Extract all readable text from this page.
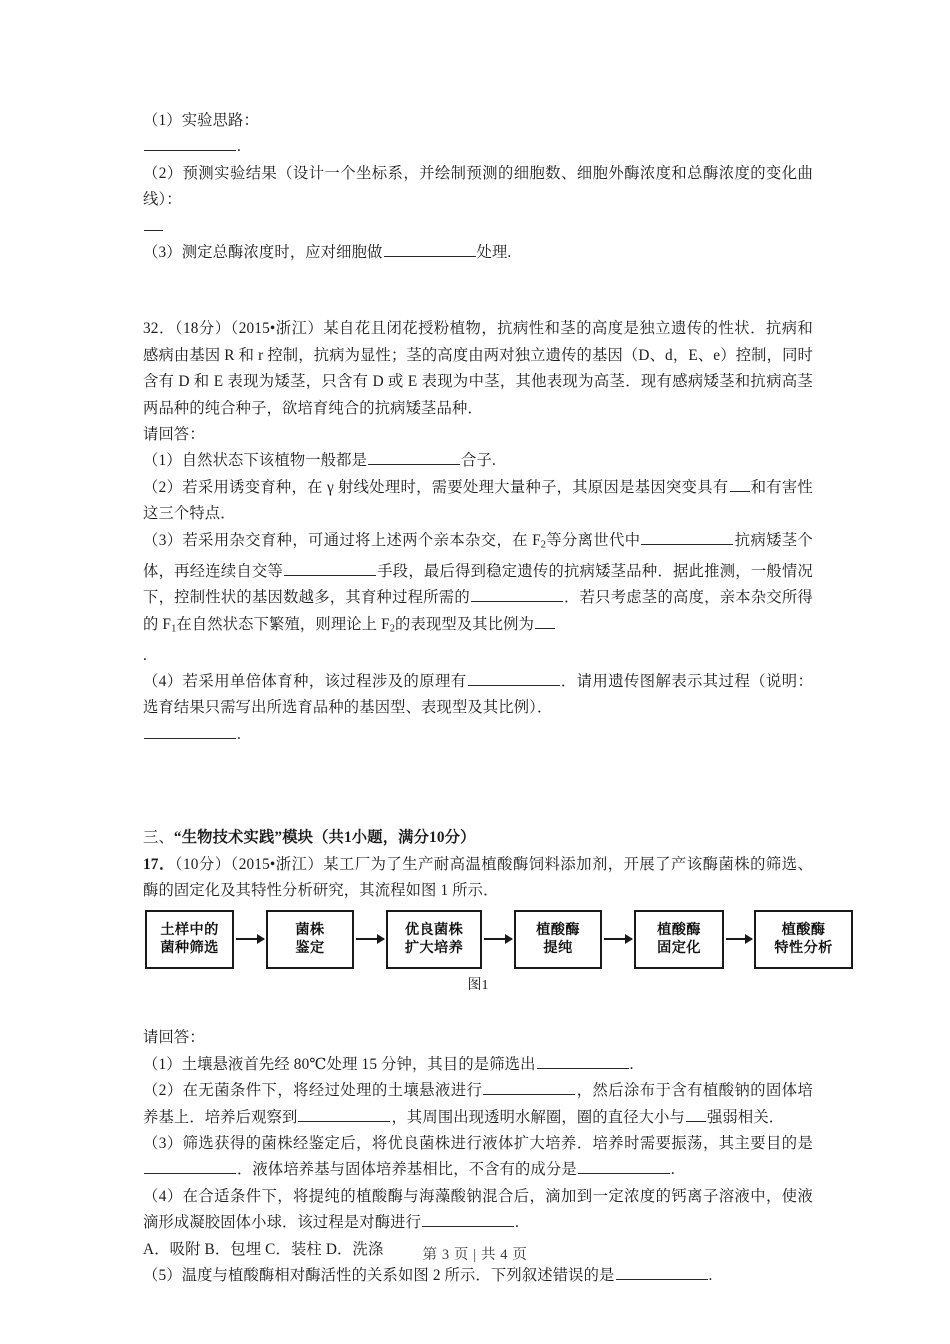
（1）实验思路：

.

（2）预测实验结果（设计一个坐标系，并绘制预测的细胞数、细胞外酶浓度和总酶浓度的变化曲线）：

（3）测定总酶浓度时，应对细胞做	处理.

32．（18分）（2015•浙江）某自花且闭花授粉植物，抗病性和茎的高度是独立遗传的性状．抗病和感病由基因 R 和 r 控制，抗病为显性；茎的高度由两对独立遗传的基因（D、d，E、e）控制，同时含有 D 和 E 表现为矮茎，只含有 D 或 E 表现为中茎，其他表现为高茎．现有感病矮茎和抗病高茎两品种的纯合种子，欲培育纯合的抗病矮茎品种．

请回答：

（1）自然状态下该植物一般都是	合子.

（2）若采用诱变育种，在 γ 射线处理时，需要处理大量种子，其原因是基因突变具有 和有害性这三个特点．

（3）若采用杂交育种，可通过将上述两个亲本杂交，在 $F_2$等分离世代中	抗病矮茎个体，再经连续自交等	手段，最后得到稳定遗传的抗病矮茎品种．据此推测，一般情况下，控制性状的基因数越多，其育种过程所需的	．若只考虑茎的高度，亲本杂交所得的 $F_1$在自然状态下繁殖，则理论上 $F_2$的表现型及其比例为

.

（4）若采用单倍体育种，该过程涉及的原理有	．请用遗传图解表示其过程（说明：选育结果只需写出所选育品种的基因型、表现型及其比例）．

.

三、“生物技术实践”模块（共1小题，满分10分）

17．（10分）（2015•浙江）某工厂为了生产耐高温植酸酶饲料添加剂，开展了产该酶菌株的筛选、酶的固定化及其特性分析研究，其流程如图 1 所示．

土样中的
菌种筛选
菌株
鉴定
优良菌株
扩大培养
植酸酶
提纯
植酸酶
固定化
植酸酶
特性分析
图1

请回答：

（1）土壤悬液首先经 80℃处理 15 分钟，其目的是筛选出	.

（2）在无菌条件下，将经过处理的土壤悬液进行	，然后涂布于含有植酸钠的固体培养基上．培养后观察到	，其周围出现透明水解圈，圈的直径大小与 强弱相关．

（3）筛选获得的菌株经鉴定后，将优良菌株进行液体扩大培养．培养时需要振荡，其主要目的是．液体培养基与固体培养基相比，不含有的成分是	.

（4）在合适条件下，将提纯的植酸酶与海藻酸钠混合后，滴加到一定浓度的钙离子溶液中，使液滴形成凝胶固体小球．该过程是对酶进行	.

A．吸附 B．包埋 C．装柱 D．洗涤

（5）温度与植酸酶相对酶活性的关系如图 2 所示．下列叙述错误的是	.

第 3 页 | 共 4 页
